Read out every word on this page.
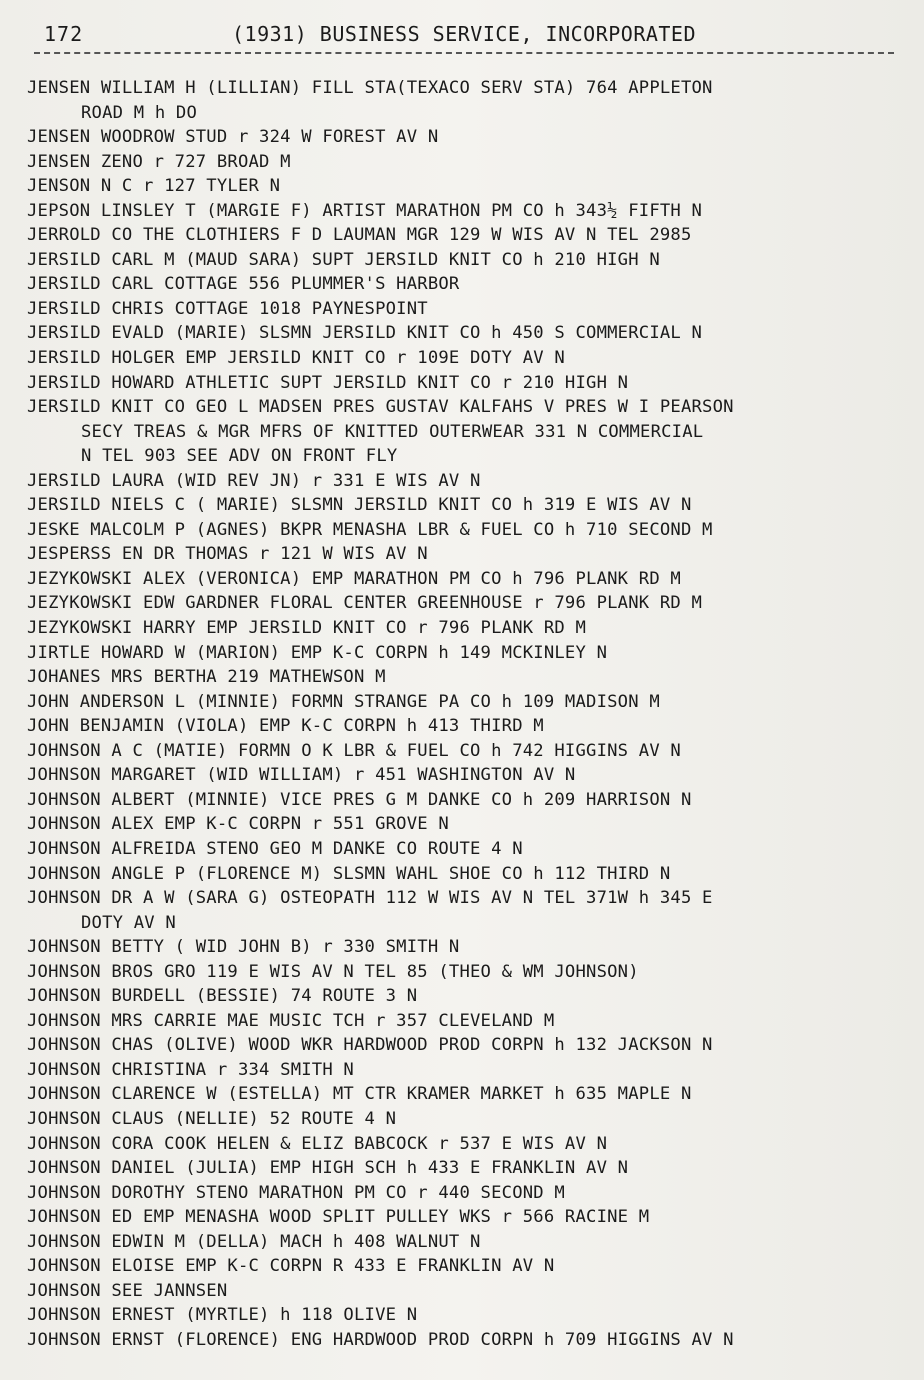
172	(1931) BUSINESS SERVICE, INCORPORATED
JENSEN WILLIAM H (LILLIAN) FILL STA(TEXACO SERV STA) 764 APPLETON
ROAD M h DO
JENSEN WOODROW STUD r 324 W FOREST AV N
JENSEN ZENO r 727 BROAD M
JENSON N C r 127 TYLER N
JEPSON LINSLEY T (MARGIE F) ARTIST MARATHON PM CO h 343½ FIFTH N
JERROLD CO THE CLOTHIERS F D LAUMAN MGR 129 W WIS AV N TEL 2985
JERSILD CARL M (MAUD SARA) SUPT JERSILD KNIT CO h 210 HIGH N
JERSILD CARL COTTAGE 556 PLUMMER'S HARBOR
JERSILD CHRIS COTTAGE 1018 PAYNESPOINT
JERSILD EVALD (MARIE) SLSMN JERSILD KNIT CO h 450 S COMMERCIAL N
JERSILD HOLGER EMP JERSILD KNIT CO r 109E DOTY AV N
JERSILD HOWARD ATHLETIC SUPT JERSILD KNIT CO r 210 HIGH N
JERSILD KNIT CO GEO L MADSEN PRES GUSTAV KALFAHS V PRES W I PEARSON
SECY TREAS & MGR MFRS OF KNITTED OUTERWEAR 331 N COMMERCIAL
N TEL 903 SEE ADV ON FRONT FLY
JERSILD LAURA (WID REV JN) r 331 E WIS AV N
JERSILD NIELS C ( MARIE) SLSMN JERSILD KNIT CO h 319 E WIS AV N
JESKE MALCOLM P (AGNES) BKPR MENASHA LBR & FUEL CO h 710 SECOND M
JESPERSS EN DR THOMAS r 121 W WIS AV N
JEZYKOWSKI ALEX (VERONICA) EMP MARATHON PM CO h 796 PLANK RD M
JEZYKOWSKI EDW GARDNER FLORAL CENTER GREENHOUSE r 796 PLANK RD M
JEZYKOWSKI HARRY EMP JERSILD KNIT CO r 796 PLANK RD M
JIRTLE HOWARD W (MARION) EMP K-C CORPN h 149 MCKINLEY N
JOHANES MRS BERTHA 219 MATHEWSON M
JOHN ANDERSON L (MINNIE) FORMN STRANGE PA CO h 109 MADISON M
JOHN BENJAMIN (VIOLA) EMP K-C CORPN h 413 THIRD M
JOHNSON A C (MATIE) FORMN O K LBR & FUEL CO h 742 HIGGINS AV N
JOHNSON MARGARET (WID WILLIAM) r 451 WASHINGTON AV N
JOHNSON ALBERT (MINNIE) VICE PRES G M DANKE CO h 209 HARRISON N
JOHNSON ALEX EMP K-C CORPN r 551 GROVE N
JOHNSON ALFREIDA STENO GEO M DANKE CO ROUTE 4 N
JOHNSON ANGLE P (FLORENCE M) SLSMN WAHL SHOE CO h 112 THIRD N
JOHNSON DR A W (SARA G) OSTEOPATH 112 W WIS AV N TEL 371W h 345 E
DOTY AV N
JOHNSON BETTY ( WID JOHN B) r 330 SMITH N
JOHNSON BROS GRO 119 E WIS AV N TEL 85 (THEO & WM JOHNSON)
JOHNSON BURDELL (BESSIE) 74 ROUTE 3 N
JOHNSON MRS CARRIE MAE MUSIC TCH r 357 CLEVELAND M
JOHNSON CHAS (OLIVE) WOOD WKR HARDWOOD PROD CORPN h 132 JACKSON N
JOHNSON CHRISTINA r 334 SMITH N
JOHNSON CLARENCE W (ESTELLA) MT CTR KRAMER MARKET h 635 MAPLE N
JOHNSON CLAUS (NELLIE) 52 ROUTE 4 N
JOHNSON CORA COOK HELEN & ELIZ BABCOCK r 537 E WIS AV N
JOHNSON DANIEL (JULIA) EMP HIGH SCH h 433 E FRANKLIN AV N
JOHNSON DOROTHY STENO MARATHON PM CO r 440 SECOND M
JOHNSON ED EMP MENASHA WOOD SPLIT PULLEY WKS r 566 RACINE M
JOHNSON EDWIN M (DELLA) MACH h 408 WALNUT N
JOHNSON ELOISE EMP K-C CORPN R 433 E FRANKLIN AV N
JOHNSON SEE JANNSEN
JOHNSON ERNEST (MYRTLE) h 118 OLIVE N
JOHNSON ERNST (FLORENCE) ENG HARDWOOD PROD CORPN h 709 HIGGINS AV N
